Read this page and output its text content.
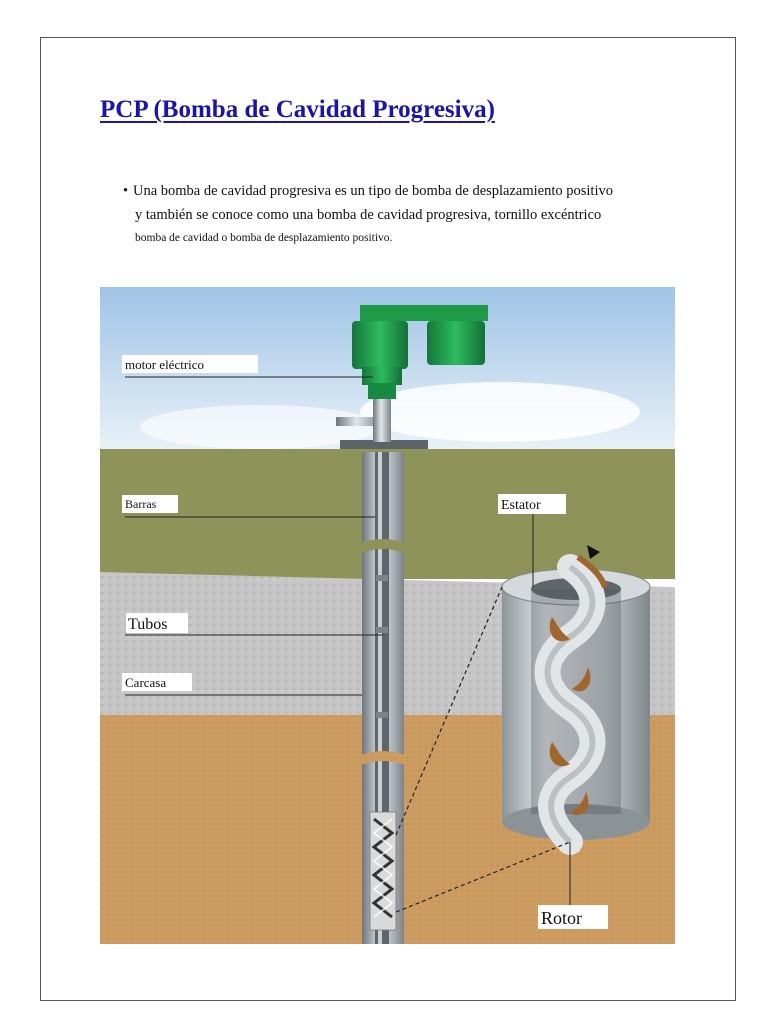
PCP (Bomba de Cavidad Progresiva)
• Una bomba de cavidad progresiva es un tipo de bomba de desplazamiento positivo
y también se conoce como una bomba de cavidad progresiva, tornillo excéntrico
bomba de cavidad o bomba de desplazamiento positivo.
motor eléctrico
Barras
Tubos
Carcasa
Estator
Rotor
